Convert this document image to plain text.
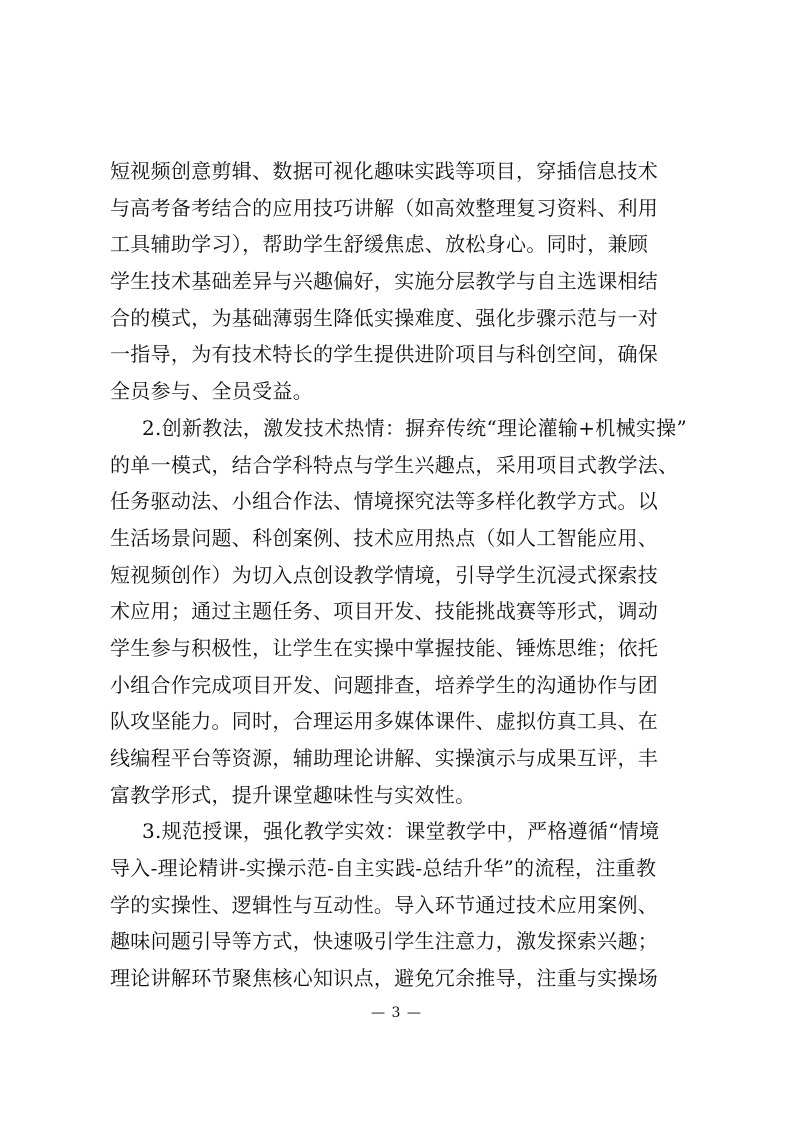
短视频创意剪辑、数据可视化趣味实践等项目，穿插信息技术
与高考备考结合的应用技巧讲解（如高效整理复习资料、利用
工具辅助学习），帮助学生舒缓焦虑、放松身心。同时，兼顾
学生技术基础差异与兴趣偏好，实施分层教学与自主选课相结
合的模式，为基础薄弱生降低实操难度、强化步骤示范与一对
一指导，为有技术特长的学生提供进阶项目与科创空间，确保
全员参与、全员受益。
2.创新教法，激发技术热情：摒弃传统“理论灌输+机械实操”
的单一模式，结合学科特点与学生兴趣点，采用项目式教学法、
任务驱动法、小组合作法、情境探究法等多样化教学方式。以
生活场景问题、科创案例、技术应用热点（如人工智能应用、
短视频创作）为切入点创设教学情境，引导学生沉浸式探索技
术应用；通过主题任务、项目开发、技能挑战赛等形式，调动
学生参与积极性，让学生在实操中掌握技能、锤炼思维；依托
小组合作完成项目开发、问题排查，培养学生的沟通协作与团
队攻坚能力。同时，合理运用多媒体课件、虚拟仿真工具、在
线编程平台等资源，辅助理论讲解、实操演示与成果互评，丰
富教学形式，提升课堂趣味性与实效性。
3.规范授课，强化教学实效：课堂教学中，严格遵循“情境
导入-理论精讲-实操示范-自主实践-总结升华”的流程，注重教
学的实操性、逻辑性与互动性。导入环节通过技术应用案例、
趣味问题引导等方式，快速吸引学生注意力，激发探索兴趣；
理论讲解环节聚焦核心知识点，避免冗余推导，注重与实操场
— 3 —
